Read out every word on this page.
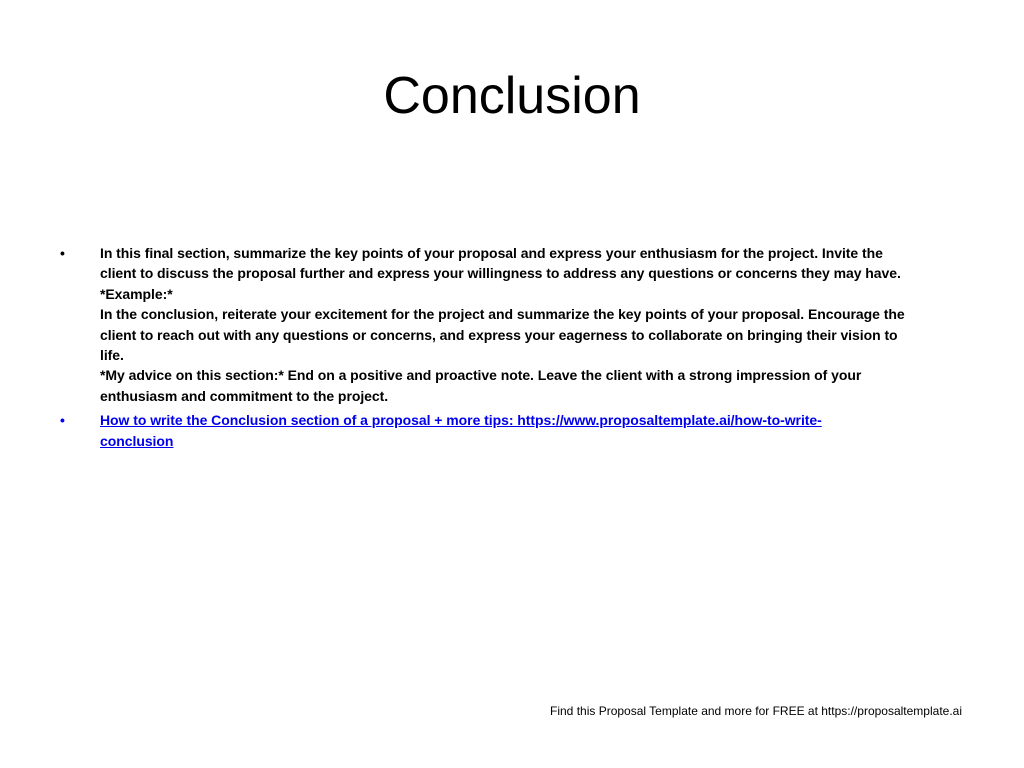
Conclusion
•	In this final section, summarize the key points of your proposal and express your enthusiasm for the project. Invite the
client to discuss the proposal further and express your willingness to address any questions or concerns they may have.
*Example:*
In the conclusion, reiterate your excitement for the project and summarize the key points of your proposal. Encourage the
client to reach out with any questions or concerns, and express your eagerness to collaborate on bringing their vision to
life.
*My advice on this section:* End on a positive and proactive note. Leave the client with a strong impression of your
enthusiasm and commitment to the project.
•	How to write the Conclusion section of a proposal + more tips: https://www.proposaltemplate.ai/how-to-write-
conclusion
Find this Proposal Template and more for FREE at https://proposaltemplate.ai
